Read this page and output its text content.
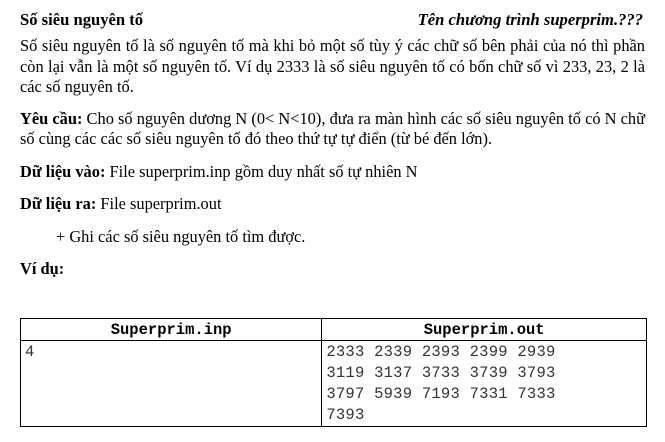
Số siêu nguyên tố	Tên chương trình superprim.???

Số siêu nguyên tố là số nguyên tố mà khi bỏ một số tùy ý các chữ số bên phải của nó thì phần còn lại vẫn là một số nguyên tố. Ví dụ 2333 là số siêu nguyên tố có bốn chữ số vì 233, 23, 2 là các số nguyên tố.

Yêu cầu: Cho số nguyên dương N (0< N<10), đưa ra màn hình các số siêu nguyên tố có N chữ số cùng các các số siêu nguyên tố đó theo thứ tự tự điển (từ bé đến lớn).

Dữ liệu vào: File superprim.inp gồm duy nhất số tự nhiên N

Dữ liệu ra: File superprim.out

+ Ghi các số siêu nguyên tố tìm được.

Ví dụ:

Superprim.inp	Superprim.out
4	2333 2339 2393 2399 2939
3119 3137 3733 3739 3793
3797 5939 7193 7331 7333
7393
